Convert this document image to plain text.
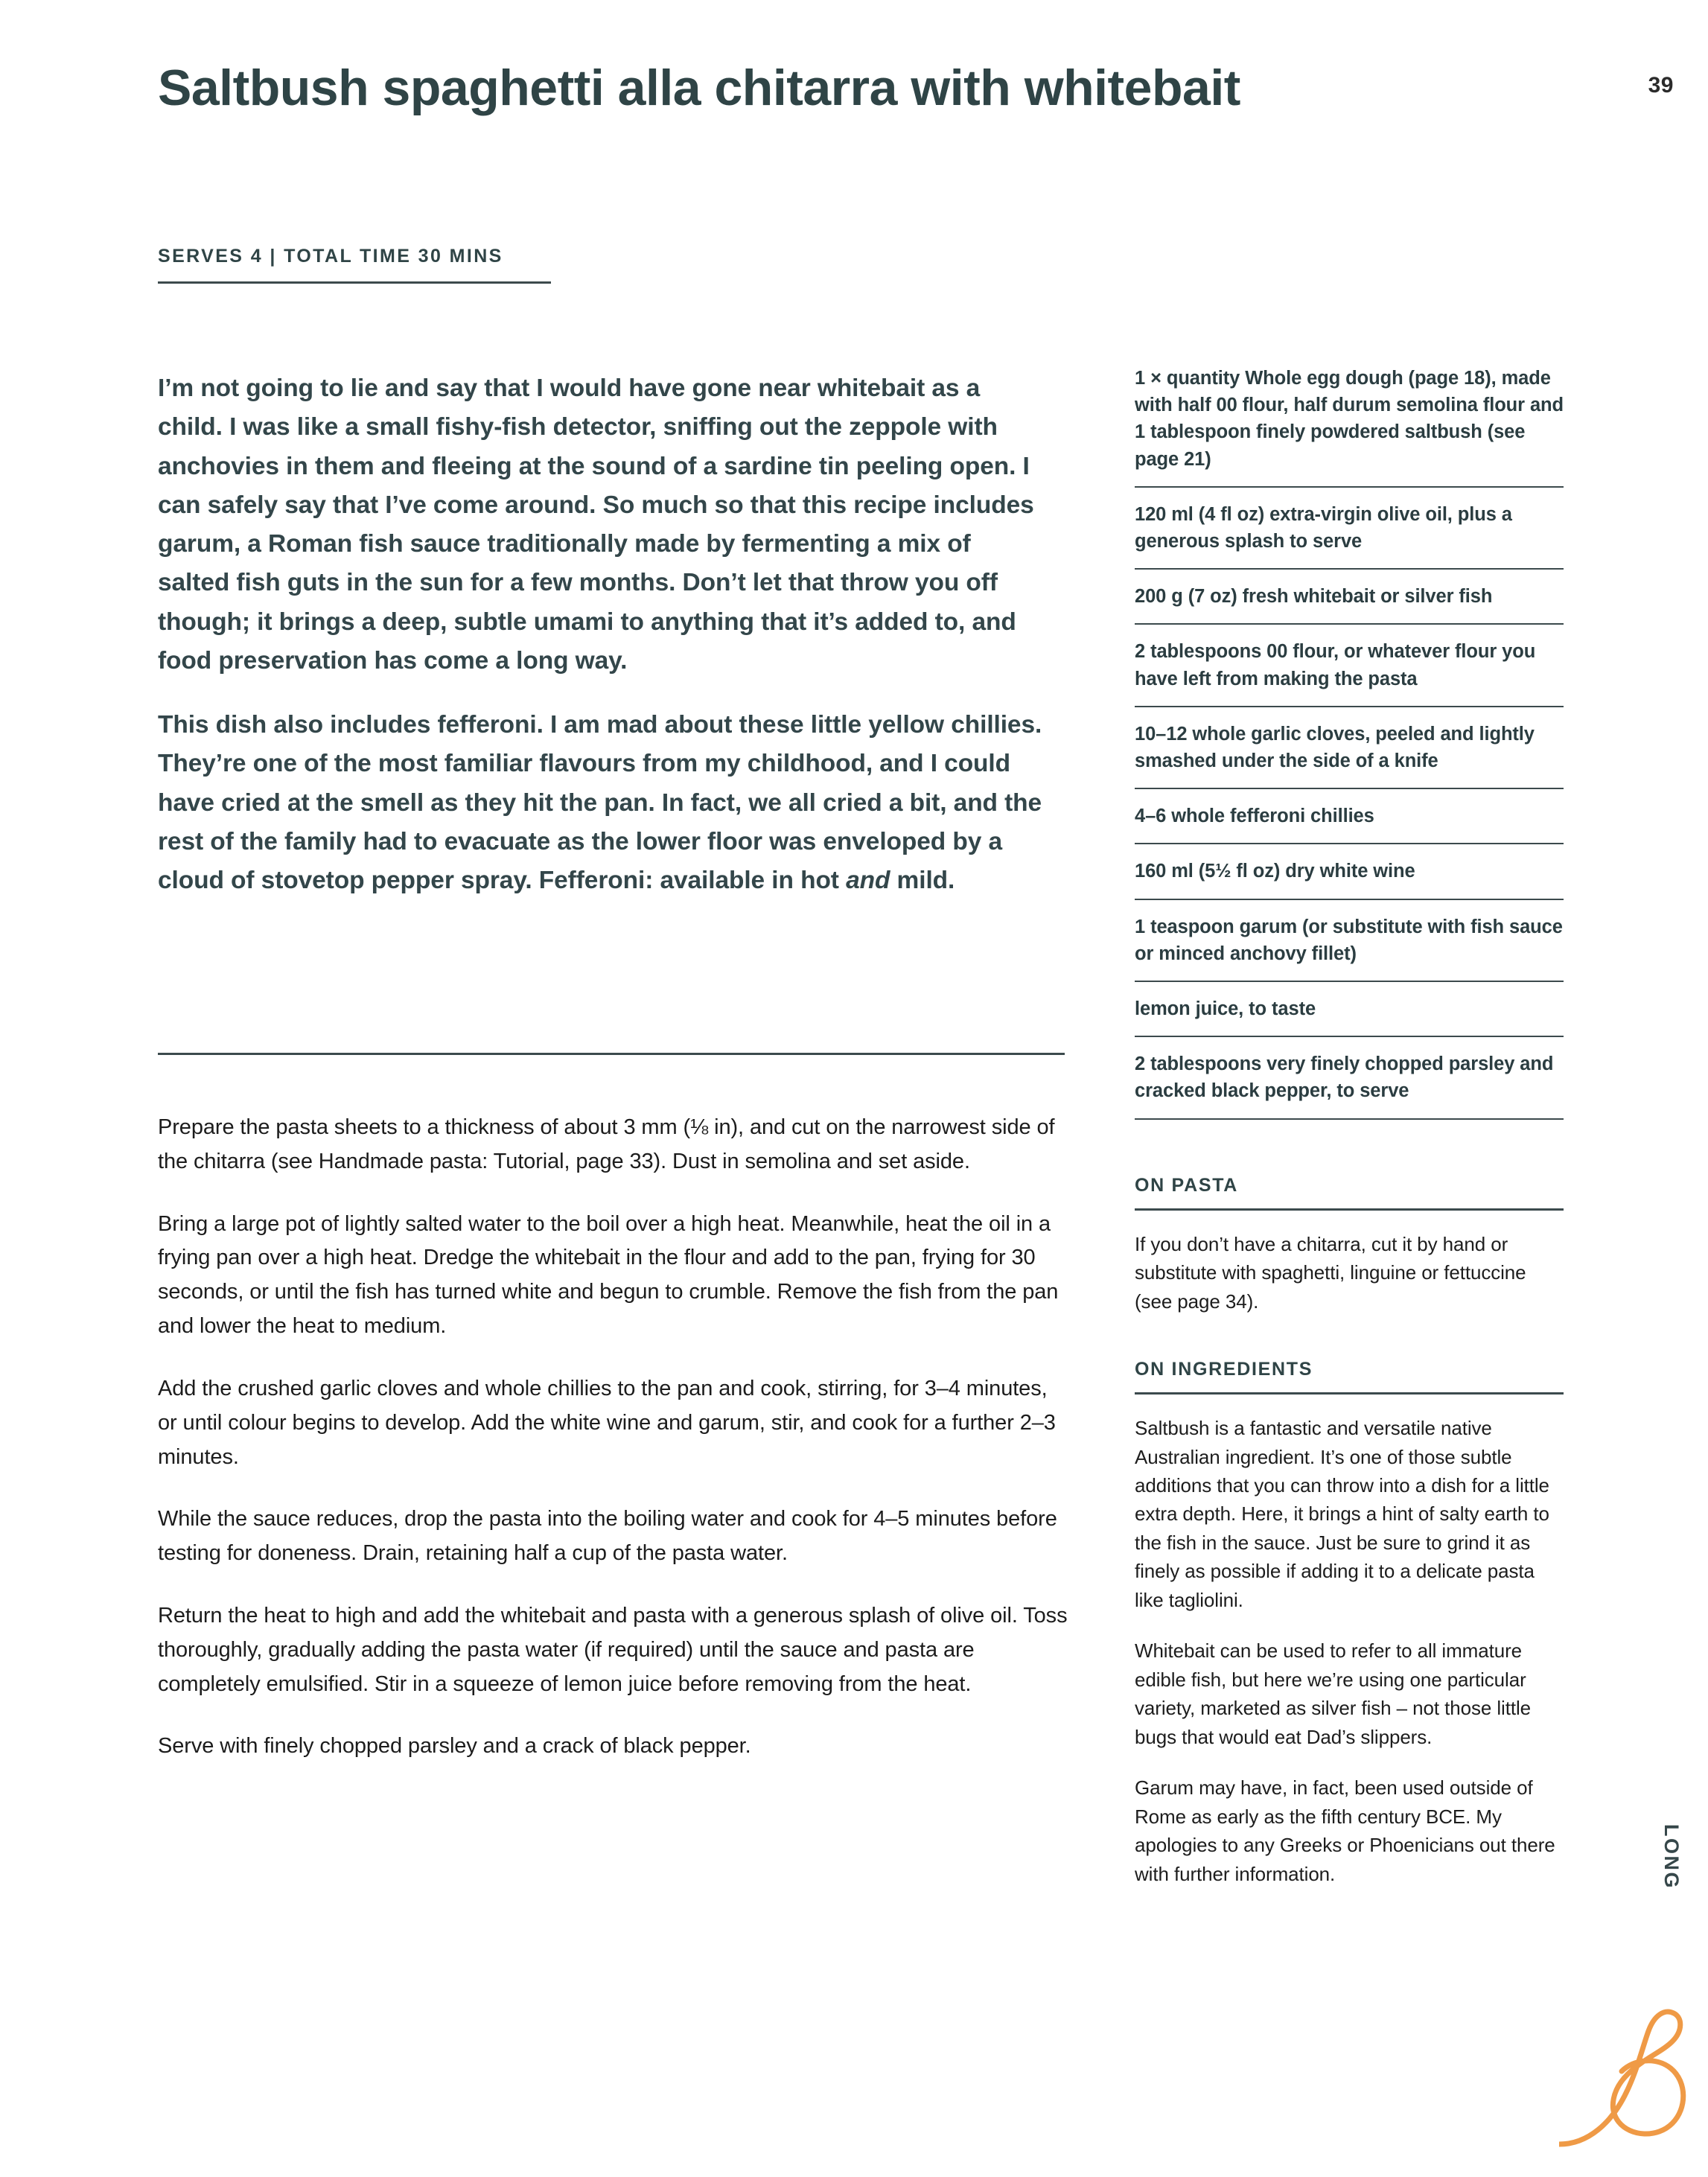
39
Saltbush spaghetti alla chitarra with whitebait
SERVES 4 | TOTAL TIME 30 MINS

I’m not going to lie and say that I would have gone near whitebait as a child. I was like a small fishy-fish detector, sniffing out the zeppole with anchovies in them and fleeing at the sound of a sardine tin peeling open. I can safely say that I’ve come around. So much so that this recipe includes garum, a Roman fish sauce traditionally made by fermenting a mix of salted fish guts in the sun for a few months. Don’t let that throw you off though; it brings a deep, subtle umami to anything that it’s added to, and food preservation has come a long way.

This dish also includes fefferoni. I am mad about these little yellow chillies. They’re one of the most familiar flavours from my childhood, and I could have cried at the smell as they hit the pan. In fact, we all cried a bit, and the rest of the family had to evacuate as the lower floor was enveloped by a cloud of stovetop pepper spray. Fefferoni: available in hot and mild.

Prepare the pasta sheets to a thickness of about 3 mm (⅛ in), and cut on the narrowest side of the chitarra (see Handmade pasta: Tutorial, page 33). Dust in semolina and set aside.

Bring a large pot of lightly salted water to the boil over a high heat. Meanwhile, heat the oil in a frying pan over a high heat. Dredge the whitebait in the flour and add to the pan, frying for 30 seconds, or until the fish has turned white and begun to crumble. Remove the fish from the pan and lower the heat to medium.

Add the crushed garlic cloves and whole chillies to the pan and cook, stirring, for 3–4 minutes, or until colour begins to develop. Add the white wine and garum, stir, and cook for a further 2–3 minutes.

While the sauce reduces, drop the pasta into the boiling water and cook for 4–5 minutes before testing for doneness. Drain, retaining half a cup of the pasta water.

Return the heat to high and add the whitebait and pasta with a generous splash of olive oil. Toss thoroughly, gradually adding the pasta water (if required) until the sauce and pasta are completely emulsified. Stir in a squeeze of lemon juice before removing from the heat.

Serve with finely chopped parsley and a crack of black pepper.

1 × quantity Whole egg dough (page 18), made with half 00 flour, half durum semolina flour and 1 tablespoon finely powdered saltbush (see page 21)
120 ml (4 fl oz) extra-virgin olive oil, plus a generous splash to serve
200 g (7 oz) fresh whitebait or silver fish
2 tablespoons 00 flour, or whatever flour you have left from making the pasta
10–12 whole garlic cloves, peeled and lightly smashed under the side of a knife
4–6 whole fefferoni chillies
160 ml (5½ fl oz) dry white wine
1 teaspoon garum (or substitute with fish sauce or minced anchovy fillet)
lemon juice, to taste
2 tablespoons very finely chopped parsley and cracked black pepper, to serve
ON PASTA

If you don’t have a chitarra, cut it by hand or substitute with spaghetti, linguine or fettuccine (see page 34).

ON INGREDIENTS

Saltbush is a fantastic and versatile native Australian ingredient. It’s one of those subtle additions that you can throw into a dish for a little extra depth. Here, it brings a hint of salty earth to the fish in the sauce. Just be sure to grind it as finely as possible if adding it to a delicate pasta like tagliolini.

Whitebait can be used to refer to all immature edible fish, but here we’re using one particular variety, marketed as silver fish – not those little bugs that would eat Dad’s slippers.

Garum may have, in fact, been used outside of Rome as early as the fifth century BCE. My apologies to any Greeks or Phoenicians out there with further information.	LONG
